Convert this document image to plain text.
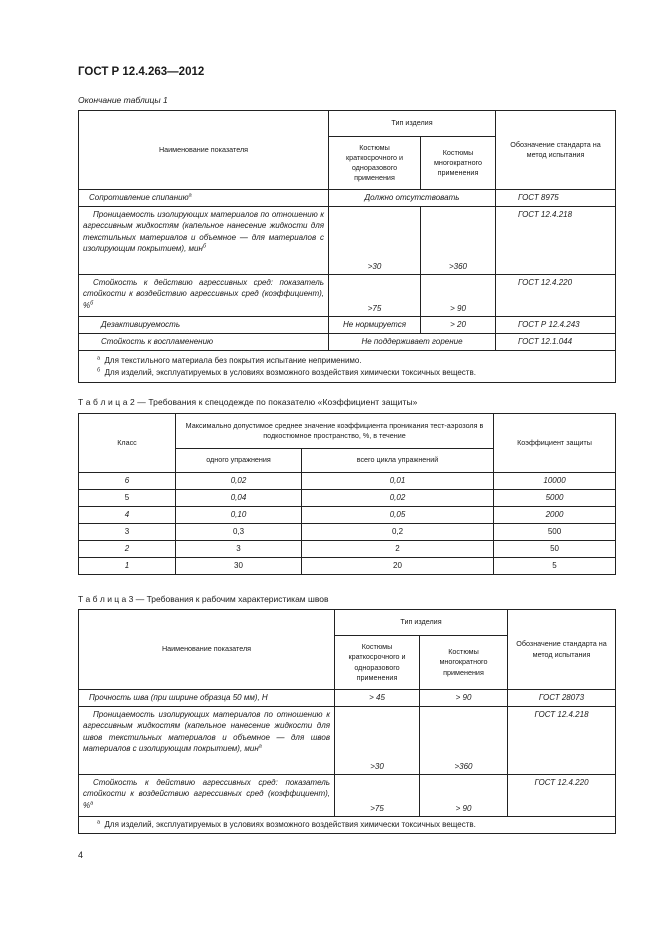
ГОСТ Р 12.4.263—2012
Окончание таблицы 1
Наименование показателя	Тип изделия		Обозначение стандарта на метод испытания
	Костюмы краткосрочного и одноразового применения	Костюмы многократного применения	
Сопротивление спипанию$^а$	Должно отсутствовать		ГОСТ 8975
Проницаемость изолирующих материалов по отношению к агрессивным жидкостям (капельное нанесение жидкости для текстильных материалов и объемное — для материалов с изолирующим покрытием), мин$^б$	>30	>360	ГОСТ 12.4.218
Стойкость к действию агрессивных сред: показатель стойкости к воздействию агрессивных сред (коэффициент), %$^б$	>75	> 90	ГОСТ 12.4.220
Дезактивируемость	Не нормируется	> 20	ГОСТ Р 12.4.243
Стойкость к воспламенению	Не поддерживает горение		ГОСТ 12.1.044

$^а$ Для текстильного материала без покрытия испытание неприменимо.
$^б$ Для изделий, эксплуатируемых в условиях возможного воздействия химически токсичных веществ.			
Т а б л и ц а 2 — Требования к спецодежде по показателю «Коэффициент защиты»
Класс	Максимально допустимое среднее значение коэффициента проникания тест-аэрозоля в подкостюмное пространство, %, в течение		Коэффициент защиты
	одного упражнения	всего цикла упражнений	
6	0,02	0,01	10000
5	0,04	0,02	5000
4	0,10	0,05	2000
3	0,3	0,2	500
2	3	2	50
1	30	20	5
Т а б л и ц а 3 — Требования к рабочим характеристикам швов
Наименование показателя	Тип изделия		Обозначение стандарта на метод испытания
	Костюмы краткосрочного и одноразового применения	Костюмы многократного применения	
Прочность шва (при ширине образца 50 мм), Н	> 45	> 90	ГОСТ 28073
Проницаемость изолирующих материалов по отношению к агрессивным жидкостям (капельное нанесение жидкости для швов текстильных материалов и объемное — для швов материалов с изолирующим покрытием), мин$^а$	>30	>360	ГОСТ 12.4.218
Стойкость к действию агрессивных сред: показатель стойкости к воздействию агрессивных сред (коэффициент), %$^а$	>75	> 90	ГОСТ 12.4.220

$^а$ Для изделий, эксплуатируемых в условиях возможного воздействия химически токсичных веществ.			
4
